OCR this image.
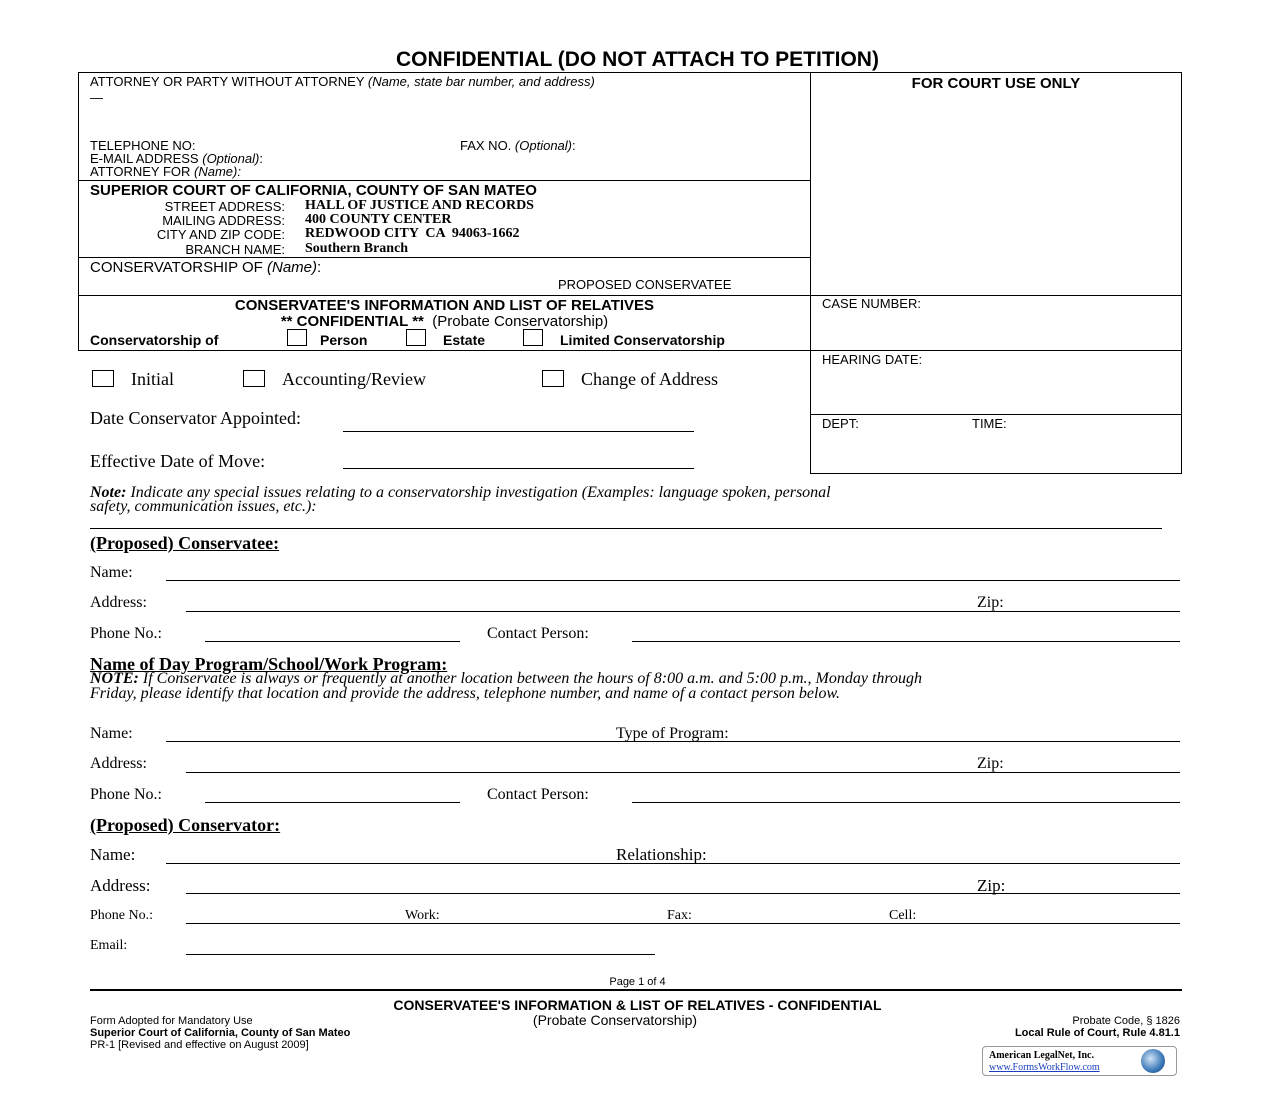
CONFIDENTIAL (DO NOT ATTACH TO PETITION)
ATTORNEY OR PARTY WITHOUT ATTORNEY (Name, state bar number, and address)
—
TELEPHONE NO:	FAX NO. (Optional):
E-MAIL ADDRESS (Optional):
ATTORNEY FOR (Name):
SUPERIOR COURT OF CALIFORNIA, COUNTY OF SAN MATEO
STREET ADDRESS: HALL OF JUSTICE AND RECORDS
MAILING ADDRESS: 400 COUNTY CENTER
CITY AND ZIP CODE: REDWOOD CITY  CA  94063-1662
BRANCH NAME: Southern Branch
CONSERVATORSHIP OF (Name):
PROPOSED CONSERVATEE
CONSERVATEE'S INFORMATION AND LIST OF RELATIVES
** CONFIDENTIAL ** (Probate Conservatorship)
Conservatorship of	Person	Estate	Limited Conservatorship
FOR COURT USE ONLY
CASE NUMBER:
HEARING DATE:
DEPT:	TIME:
Initial	Accounting/Review	Change of Address
Date Conservator Appointed:
Effective Date of Move:
Note: Indicate any special issues relating to a conservatorship investigation (Examples: language spoken, personal
safety, communication issues, etc.):
(Proposed) Conservatee:
Name:
Address:	Zip:
Phone No.:	Contact Person:
Name of Day Program/School/Work Program:
NOTE: If Conservatee is always or frequently at another location between the hours of 8:00 a.m. and 5:00 p.m., Monday through
Friday, please identify that location and provide the address, telephone number, and name of a contact person below.
Name:	Type of Program:
Address:	Zip:
Phone No.:	Contact Person:
(Proposed) Conservator:
Name:	Relationship:
Address:	Zip:
Phone No.:	Work:	Fax:	Cell:
Email:
Page 1 of 4
CONSERVATEE'S INFORMATION & LIST OF RELATIVES - CONFIDENTIAL
(Probate Conservatorship)
Form Adopted for Mandatory Use
Superior Court of California, County of San Mateo
PR-1 [Revised and effective on August 2009]
Probate Code, § 1826
Local Rule of Court, Rule 4.81.1
American LegalNet, Inc.
www.FormsWorkFlow.com
